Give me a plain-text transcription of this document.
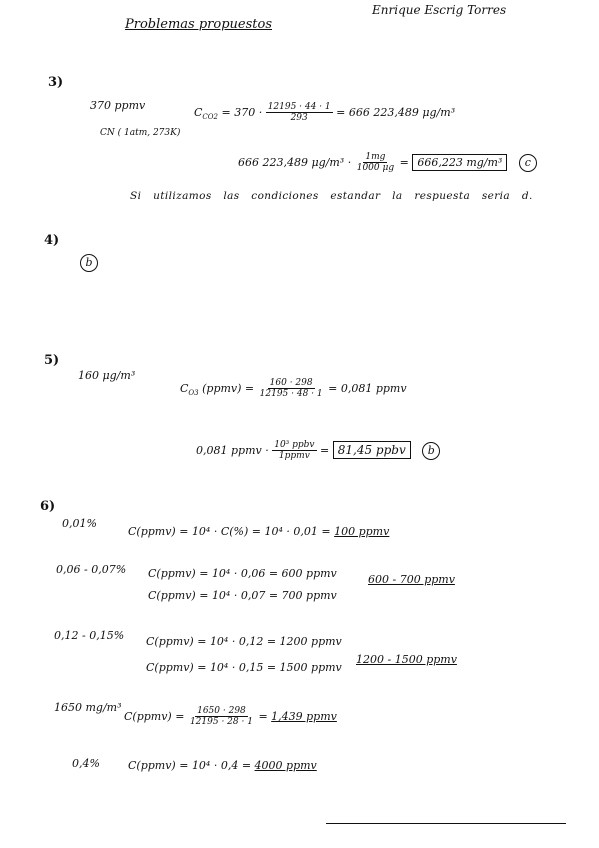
Enrique Escrig Torres
Problemas propuestos
3)
370 ppmv
CN ( 1atm, 273K)
$C_{CO2} = 370 \cdot \frac{12195 \cdot 44 \cdot 1}{293} = 666$ 223,489 μg/m³
666 223,489 $\mu g/m^3 \cdot \frac{1mg}{1000 \mu g} = 666,223$ mg/m³ c
Si utilizamos las condiciones estandar la respuesta seria d.
4)
b
5)
160 μg/m³
$C_{O3}$ (ppmv) = $\frac{160 \cdot 298}{12195 \cdot 48 \cdot 1} = 0,081$ ppmv
0,081 ppmv · $\frac{\text{10³ ppbv}}{\text{1ppmv}} = 81,45$ ppbv b
6)
0,01%
C(ppmv) = 10⁴ · C(%) = 10⁴ · 0,01 = 100 ppmv
0,06 - 0,07% C(ppmv) = 10⁴ · 0,06 = 600 ppmv
C(ppmv) = 10⁴ · 0,07 = 700 ppmv
600 - 700 ppmv
0,12 - 0,15% C(ppmv) = 10⁴ · 0,12 = 1200 ppmv
C(ppmv) = 10⁴ · 0,15 = 1500 ppmv
1200 - 1500 ppmv
1650 mg/m³
C(ppmv) = $\frac{1650 \cdot 298}{12195 \cdot 28 \cdot 1} = 1,439$ ppmv
0,4%	C(ppmv) = 10⁴ · 0,4 = 4000 ppmv
